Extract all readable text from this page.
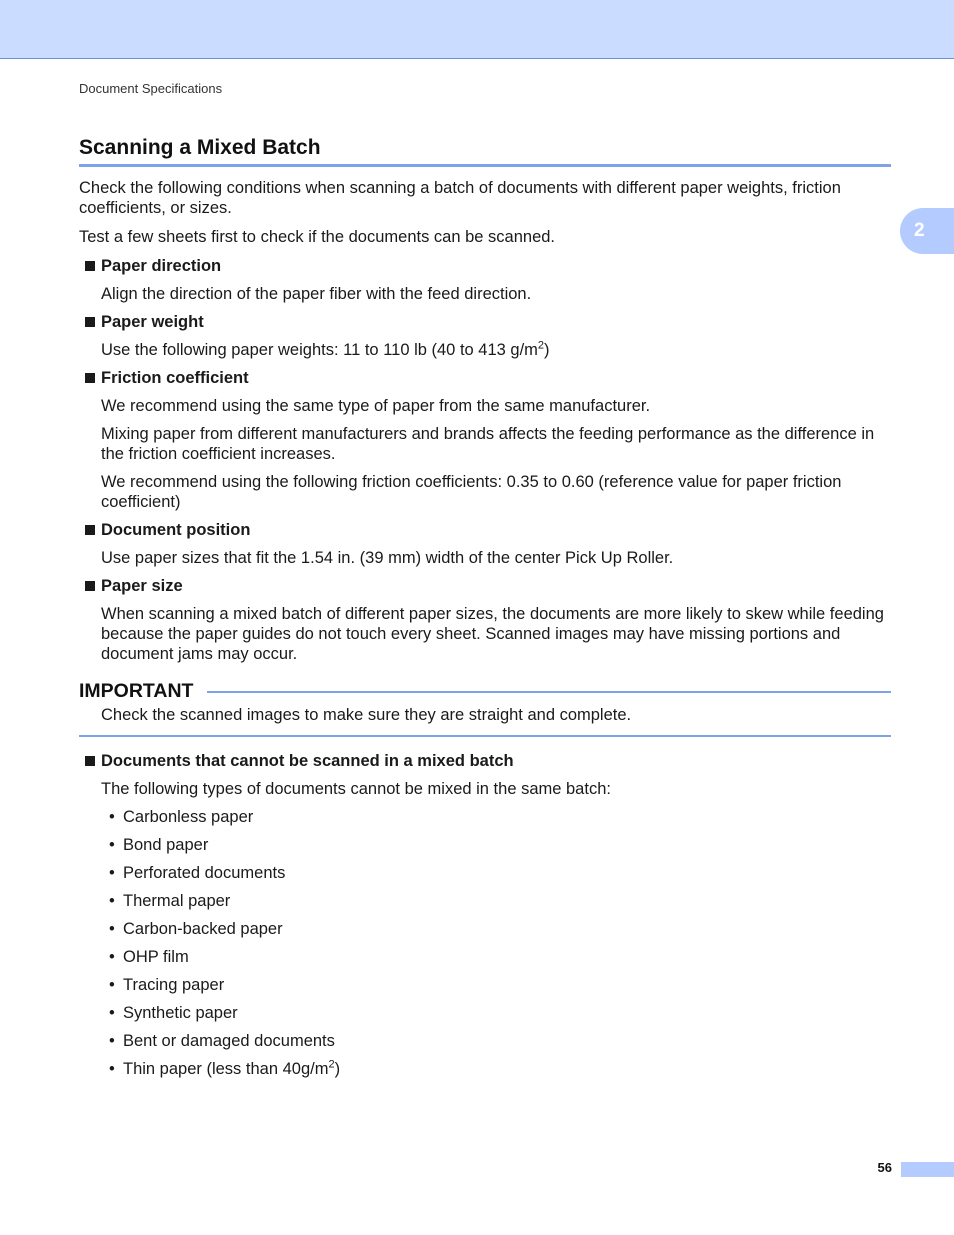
Document Specifications
2
Scanning a Mixed Batch

Check the following conditions when scanning a batch of documents with different paper weights, friction coefficients, or sizes.

Test a few sheets first to check if the documents can be scanned.

Paper direction

Align the direction of the paper fiber with the feed direction.

Paper weight

Use the following paper weights: 11 to 110 lb (40 to 413 $g/m^2$)

Friction coefficient

We recommend using the same type of paper from the same manufacturer.

Mixing paper from different manufacturers and brands affects the feeding performance as the difference in the friction coefficient increases.

We recommend using the following friction coefficients: 0.35 to 0.60 (reference value for paper friction coefficient)

Document position

Use paper sizes that fit the 1.54 in. (39 mm) width of the center Pick Up Roller.

Paper size

When scanning a mixed batch of different paper sizes, the documents are more likely to skew while feeding because the paper guides do not touch every sheet. Scanned images may have missing portions and document jams may occur.

IMPORTANT

Check the scanned images to make sure they are straight and complete.

Documents that cannot be scanned in a mixed batch

The following types of documents cannot be mixed in the same batch:

• Carbonless paper
• Bond paper
• Perforated documents
• Thermal paper
• Carbon-backed paper
• OHP film
• Tracing paper
• Synthetic paper
• Bent or damaged documents
• Thin paper (less than $40g/m^2$)
56
